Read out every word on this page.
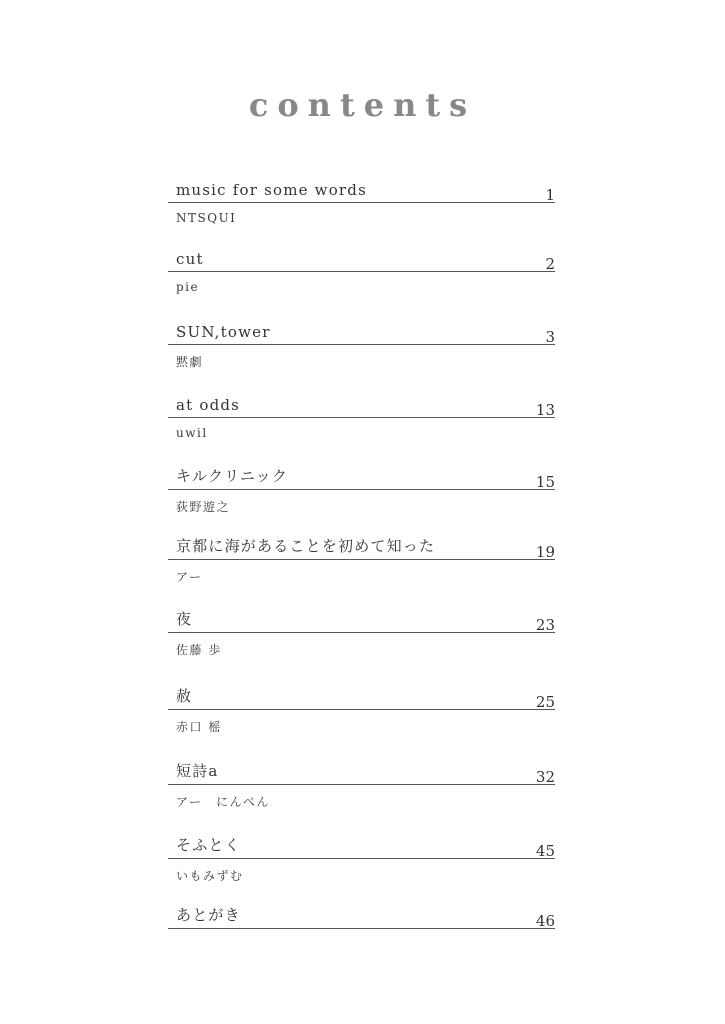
contents
music for some words	1
NTSQUI
cut	2
pie
SUN,tower	3
黙劇
at odds	13
uwil
キルクリニック	15
荻野遊之
京都に海があることを初めて知った	19
アー
夜	23
佐藤 歩
赦	25
赤口 榣
短詩a	32
アー　にんべん
そふとく	45
いもみずむ
あとがき	46
